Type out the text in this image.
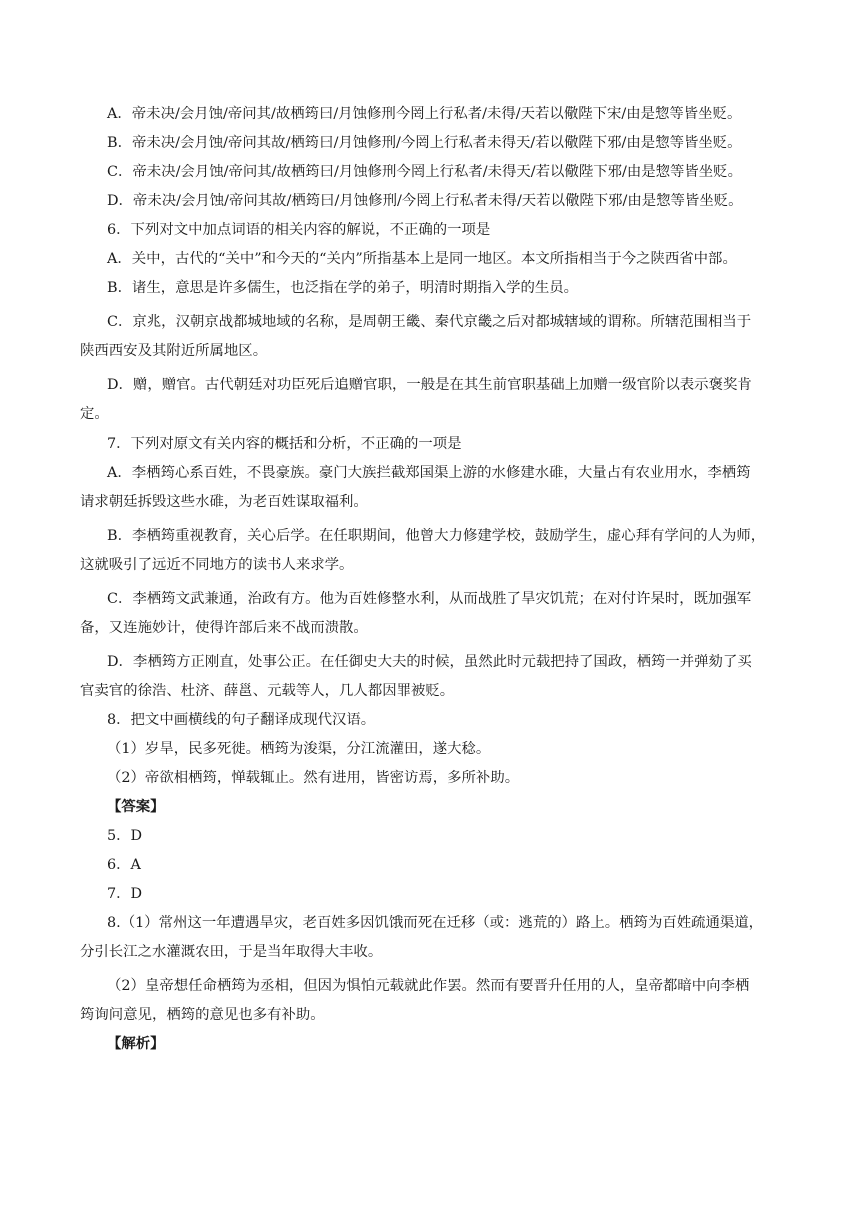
A．帝未决/会月蚀/帝问其/故栖筠曰/月蚀修刑今罔上行私者/未得/天若以儆陛下宋/由是惣等皆坐贬。
B．帝未决/会月蚀/帝问其故/栖筠曰/月蚀修刑/今罔上行私者未得天/若以儆陛下邪/由是惣等皆坐贬。
C．帝未决/会月蚀/帝问其/故栖筠曰/月蚀修刑今罔上行私者/未得天/若以儆陛下邪/由是惣等皆坐贬。
D．帝未决/会月蚀/帝问其故/栖筠曰/月蚀修刑/今罔上行私者未得/天若以儆陛下邪/由是惣等皆坐贬。
6．下列对文中加点词语的相关内容的解说，不正确的一项是
A．关中，古代的“关中”和今天的“关内”所指基本上是同一地区。本文所指相当于今之陕西省中部。
B．诸生，意思是许多儒生，也泛指在学的弟子，明清时期指入学的生员。
C．京兆，汉朝京战都城地域的名称，是周朝王畿、秦代京畿之后对都城辖域的谓称。所辖范围相当于
陕西西安及其附近所属地区。
D．赠，赠官。古代朝廷对功臣死后追赠官职，一般是在其生前官职基础上加赠一级官阶以表示褒奖肯
定。
7．下列对原文有关内容的概括和分析，不正确的一项是
A．李栖筠心系百姓，不畏豪族。豪门大族拦截郑国渠上游的水修建水碓，大量占有农业用水，李栖筠
请求朝廷拆毁这些水碓，为老百姓谋取福利。
B．李栖筠重视教育，关心后学。在任职期间，他曾大力修建学校，鼓励学生，虚心拜有学问的人为师，
这就吸引了远近不同地方的读书人来求学。
C．李栖筠文武兼通，治政有方。他为百姓修整水利，从而战胜了旱灾饥荒；在对付许杲时，既加强军
备，又连施妙计，使得许部后来不战而溃散。
D．李栖筠方正刚直，处事公正。在任御史大夫的时候，虽然此时元载把持了国政，栖筠一并弹劾了买
官卖官的徐浩、杜济、薛邕、元载等人，几人都因罪被贬。
8．把文中画横线的句子翻译成现代汉语。
（1）岁旱，民多死徙。栖筠为浚渠，分江流灌田，遂大稔。
（2）帝欲相栖筠，惮载辄止。然有进用，皆密访焉，多所补助。
【答案】
5．D
6．A
7．D
8.（1）常州这一年遭遇旱灾，老百姓多因饥饿而死在迁移（或：逃荒的）路上。栖筠为百姓疏通渠道，
分引长江之水灌溉农田，于是当年取得大丰收。
（2）皇帝想任命栖筠为丞相，但因为惧怕元载就此作罢。然而有要晋升任用的人，皇帝都暗中向李栖
筠询问意见，栖筠的意见也多有补助。
【解析】
